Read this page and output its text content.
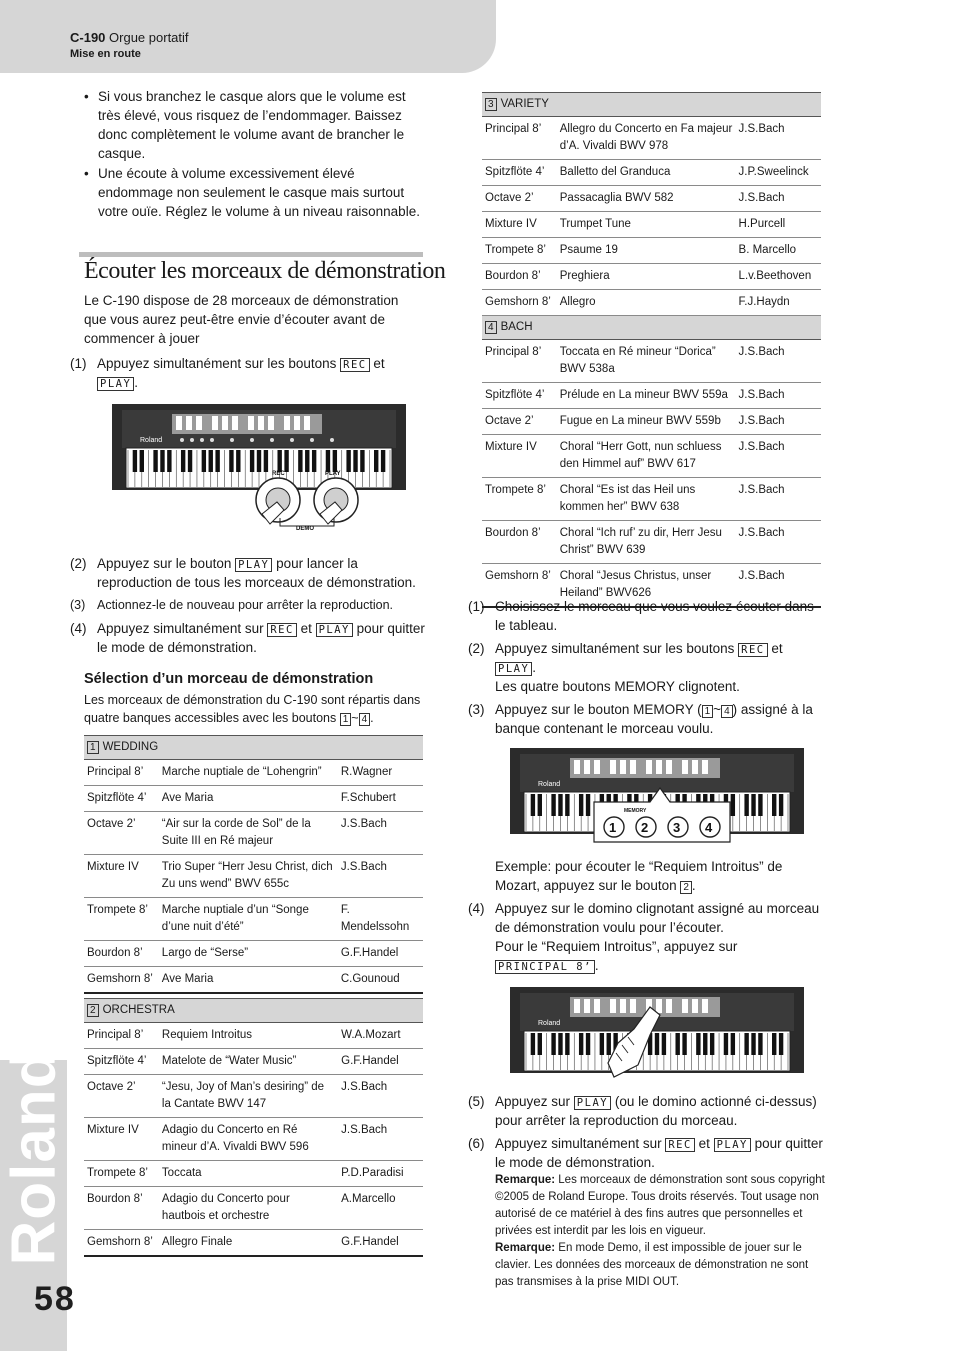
C-190 Orgue portatif
Mise en route
Roland
58

• Si vous branchez le casque alors que le volume est très élevé, vous risquez de l’endommager. Baissez donc complètement le volume avant de brancher le casque.

• Une écoute à volume excessivement élevé endommage non seulement le casque mais surtout votre ouïe. Réglez le volume à un niveau raisonnable.

Écouter les morceaux de démonstration

Le C-190 dispose de 28 morceaux de démonstration que vous aurez peut-être envie d’écouter avant de commencer à jouer

(1) Appuyez simultanément sur les boutons REC et
PLAY .
Roland
REC	PLAY
DEMO
(2) Appuyez sur le bouton PLAY pour lancer la reproduction de tous les morceaux de démonstration.
(3) Actionnez-le de nouveau pour arrêter la reproduction.
(4) Appuyez simultanément sur REC et PLAY pour quitter le mode de démonstration.
Sélection d’un morceau de démonstration

Les morceaux de démonstration du C-190 sont répartis dans quatre banques accessibles avec les boutons 1 ~ 4 .

1 WEDDING		
Principal 8’	Marche nuptiale de “Lohengrin”	R.Wagner
Spitzflöte 4’	Ave Maria	F.Schubert
Octave 2’	“Air sur la corde de Sol” de la Suite III en Ré majeur	J.S.Bach
Mixture IV	Trio Super “Herr Jesu Christ, dich Zu uns wend” BWV 655c	J.S.Bach
Trompete 8’	Marche nuptiale d’un “Songe d’une nuit d’été”	F. Mendelssohn
Bourdon 8’	Largo de “Serse”	G.F.Handel
Gemshorn 8’	Ave Maria	C.Gounoud
2 ORCHESTRA		
Principal 8’	Requiem Introitus	W.A.Mozart
Spitzflöte 4’	Matelote de “Water Music”	G.F.Handel
Octave 2’	“Jesu, Joy of Man’s desiring” de la Cantate BWV 147	J.S.Bach
Mixture IV	Adagio du Concerto en Ré mineur d’A. Vivaldi BWV 596	J.S.Bach
Trompete 8’	Toccata	P.D.Paradisi
Bourdon 8’	Adagio du Concerto pour hautbois et orchestre	A.Marcello
Gemshorn 8’	Allegro Finale	G.F.Handel
3 VARIETY		
Principal 8’	Allegro du Concerto en Fa majeur d’A. Vivaldi BWV 978	J.S.Bach
Spitzflöte 4’	Balletto del Granduca	J.P.Sweelinck
Octave 2’	Passacaglia BWV 582	J.S.Bach
Mixture IV	Trumpet Tune	H.Purcell
Trompete 8’	Psaume 19	B. Marcello
Bourdon 8’	Preghiera	L.v.Beethoven
Gemshorn 8’	Allegro	F.J.Haydn
4 BACH		
Principal 8’	Toccata en Ré mineur “Dorica” BWV 538a	J.S.Bach
Spitzflöte 4’	Prélude en La mineur BWV 559a	J.S.Bach
Octave 2’	Fugue en La mineur BWV 559b	J.S.Bach
Mixture IV	Choral “Herr Gott, nun schluess den Himmel auf” BWV 617	J.S.Bach
Trompete 8’	Choral “Es ist das Heil uns kommen her” BWV 638	J.S.Bach
Bourdon 8’	Choral “Ich ruf’ zu dir, Herr Jesu Christ” BWV 639	J.S.Bach
Gemshorn 8’	Choral “Jesus Christus, unser Heiland” BWV626	J.S.Bach
(1) Choisissez le morceau que vous voulez écouter dans le tableau.
(2) Appuyez simultanément sur les boutons REC et
PLAY .
Les quatre boutons MEMORY clignotent.
(3) Appuyez sur le bouton MEMORY ( 1 ~ 4 ) assigné à la banque contenant le morceau voulu.
Roland
MEMORY
1 2 3 4

Exemple: pour écouter le “Requiem Introitus” de Mozart, appuyez sur le bouton 2 .

(4) Appuyez sur le domino clignotant assigné au morceau de démonstration voulu pour l’écouter.
Pour le “Requiem Introitus”, appuyez sur
PRINCIPAL 8’ .
Roland
(5) Appuyez sur PLAY (ou le domino actionné ci-dessus) pour arrêter la reproduction du morceau.
(6) Appuyez simultanément sur REC et PLAY pour quitter le mode de démonstration.

Remarque: Les morceaux de démonstration sont sous copyright ©2005 de Roland Europe. Tous droits réservés. Tout usage non autorisé de ce matériel à des fins autres que personnelles et privées est interdit par les lois en vigueur.

Remarque: En mode Demo, il est impossible de jouer sur le clavier. Les données des morceaux de démonstration ne sont pas transmises à la prise MIDI OUT.
